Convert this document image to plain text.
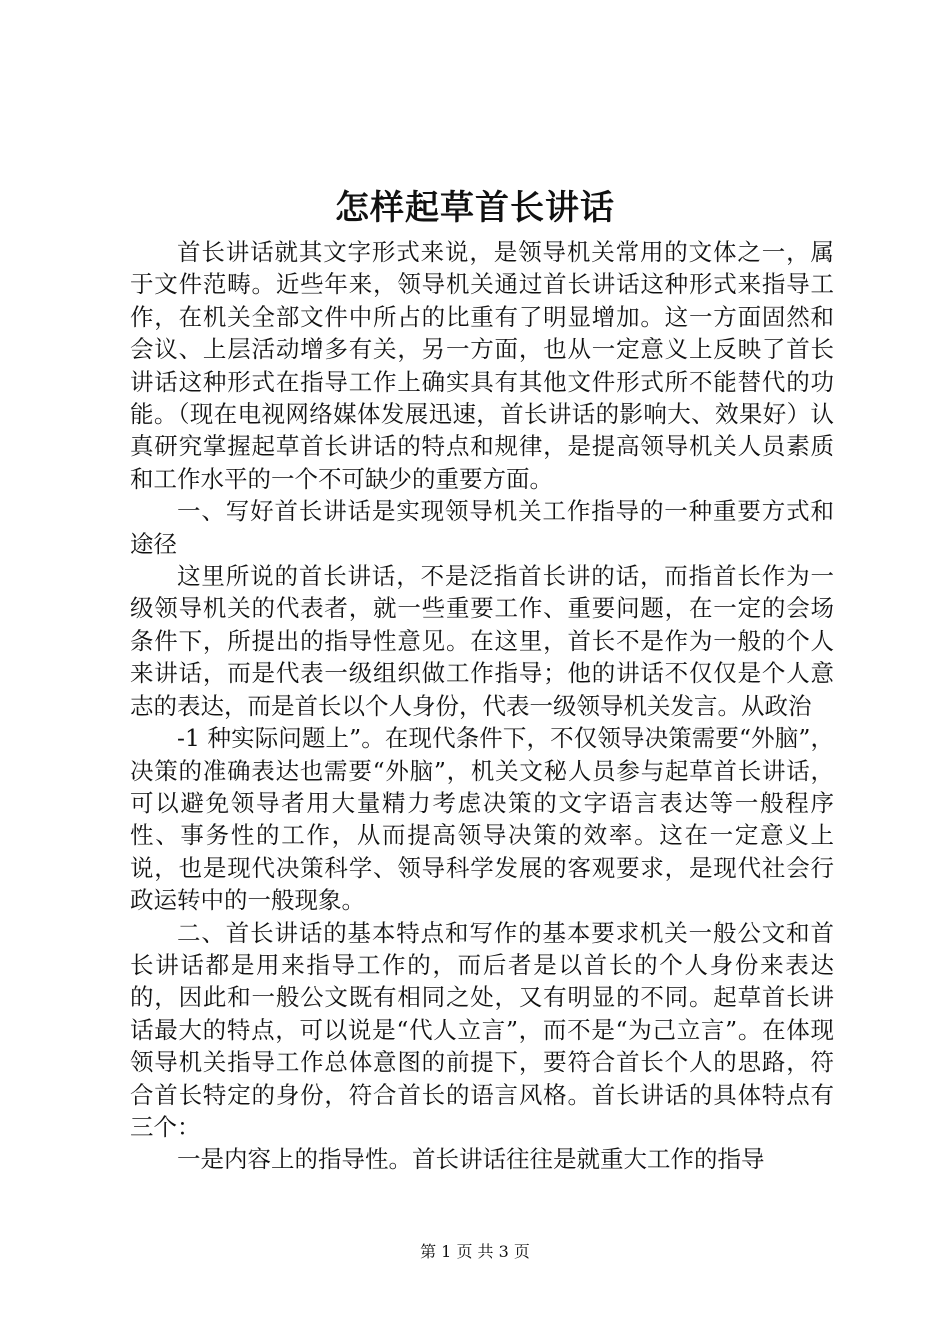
怎样起草首长讲话

首长讲话就其文字形式来说，是领导机关常用的文体之一，属于文件范畴。近些年来，领导机关通过首长讲话这种形式来指导工作，在机关全部文件中所占的比重有了明显增加。这一方面固然和会议、上层活动增多有关，另一方面，也从一定意义上反映了首长讲话这种形式在指导工作上确实具有其他文件形式所不能替代的功能。（现在电视网络媒体发展迅速，首长讲话的影响大、效果好）认真研究掌握起草首长讲话的特点和规律，是提高领导机关人员素质和工作水平的一个不可缺少的重要方面。

一、写好首长讲话是实现领导机关工作指导的一种重要方式和途径

这里所说的首长讲话，不是泛指首长讲的话，而指首长作为一级领导机关的代表者，就一些重要工作、重要问题，在一定的会场条件下，所提出的指导性意见。在这里，首长不是作为一般的个人来讲话，而是代表一级组织做工作指导；他的讲话不仅仅是个人意志的表达，而是首长以个人身份，代表一级领导机关发言。从政治

-1 种实际问题上”。在现代条件下，不仅领导决策需要“外脑”，决策的准确表达也需要“外脑”，机关文秘人员参与起草首长讲话，可以避免领导者用大量精力考虑决策的文字语言表达等一般程序性、事务性的工作，从而提高领导决策的效率。这在一定意义上说，也是现代决策科学、领导科学发展的客观要求，是现代社会行政运转中的一般现象。

二、首长讲话的基本特点和写作的基本要求机关一般公文和首长讲话都是用来指导工作的，而后者是以首长的个人身份来表达的，因此和一般公文既有相同之处，又有明显的不同。起草首长讲话最大的特点，可以说是“代人立言”，而不是“为己立言”。在体现领导机关指导工作总体意图的前提下，要符合首长个人的思路，符合首长特定的身份，符合首长的语言风格。首长讲话的具体特点有三个：

一是内容上的指导性。首长讲话往往是就重大工作的指导

第 1 页 共 3 页
